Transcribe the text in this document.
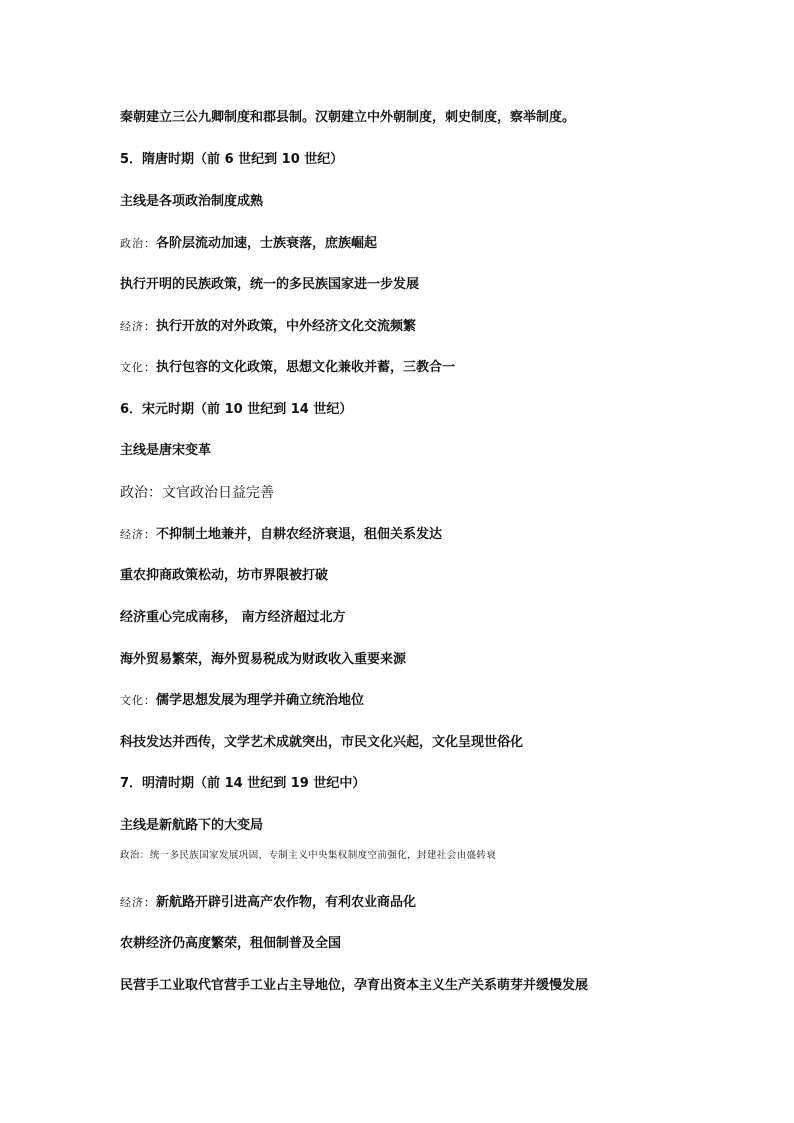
秦朝建立三公九卿制度和郡县制。汉朝建立中外朝制度，刺史制度，察举制度。
5．隋唐时期（前 6 世纪到 10 世纪）
主线是各项政治制度成熟
政治：各阶层流动加速，士族衰落，庶族崛起
执行开明的民族政策，统一的多民族国家进一步发展
经济：执行开放的对外政策，中外经济文化交流频繁
文化：执行包容的文化政策，思想文化兼收并蓄，三教合一
6．宋元时期（前 10 世纪到 14 世纪）
主线是唐宋变革
政治：文官政治日益完善
经济：不抑制土地兼并，自耕农经济衰退，租佃关系发达
重农抑商政策松动，坊市界限被打破
经济重心完成南移， 南方经济超过北方
海外贸易繁荣，海外贸易税成为财政收入重要来源
文化：儒学思想发展为理学并确立统治地位
科技发达并西传，文学艺术成就突出，市民文化兴起，文化呈现世俗化
7．明清时期（前 14 世纪到 19 世纪中）
主线是新航路下的大变局
政治：统一多民族国家发展巩固，专制主义中央集权制度空前强化，封建社会由盛转衰
经济：新航路开辟引进高产农作物，有利农业商品化
农耕经济仍高度繁荣，租佃制普及全国
民营手工业取代官营手工业占主导地位，孕育出资本主义生产关系萌芽并缓慢发展
